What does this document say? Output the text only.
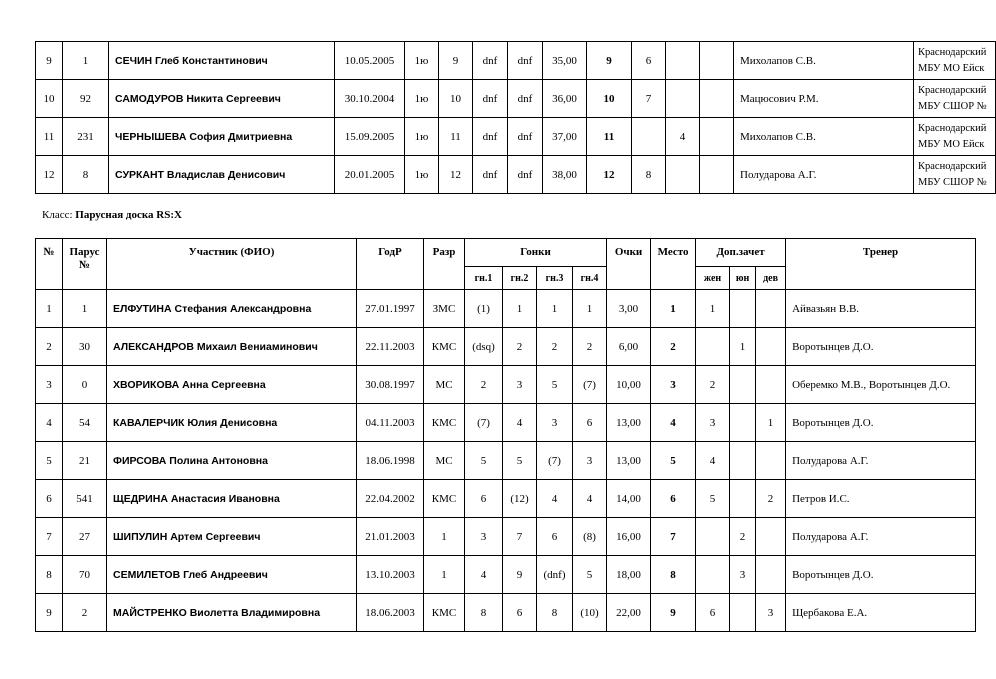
9	1	СЕЧИН Глеб Константинович	10.05.2005	1ю	9	dnf	dnf	35,00	9	6			Михолапов С.В.	Краснодарский
МБУ МО Ейск

10	92	САМОДУРОВ Никита Сергеевич	30.10.2004	1ю	10	dnf	dnf	36,00	10	7			Мацюсович Р.М.	Краснодарский
МБУ СШОР №

11	231	ЧЕРНЫШЕВА София Дмитриевна	15.09.2005	1ю	11	dnf	dnf	37,00	11		4		Михолапов С.В.	Краснодарский
МБУ МО Ейск

12	8	СУРКАНТ Владислав Денисович	20.01.2005	1ю	12	dnf	dnf	38,00	12	8			Полударова А.Г.	Краснодарский
МБУ СШОР №
Класс: Парусная доска RS:X
№	Парус №	Участник (ФИО)	ГодР	Разр	Гонки				Очки	Место	Доп.зачет			Тренер
					гн.1	гн.2	гн.3	гн.4			жен	юн	дев	
1	1	ЕЛФУТИНА Стефания Александровна	27.01.1997	ЗМС	(1)	1	1	1	3,00	1	1			Айвазьян В.В.
2	30	АЛЕКСАНДРОВ Михаил Вениаминович	22.11.2003	КМС	(dsq)	2	2	2	6,00	2		1		Воротынцев Д.О.
3	0	ХВОРИКОВА Анна Сергеевна	30.08.1997	МС	2	3	5	(7)	10,00	3	2			Оберемко М.В., Воротынцев Д.О.
4	54	КАВАЛЕРЧИК Юлия Денисовна	04.11.2003	КМС	(7)	4	3	6	13,00	4	3		1	Воротынцев Д.О.
5	21	ФИРСОВА Полина Антоновна	18.06.1998	МС	5	5	(7)	3	13,00	5	4			Полударова А.Г.
6	541	ЩЕДРИНА Анастасия Ивановна	22.04.2002	КМС	6	(12)	4	4	14,00	6	5		2	Петров И.С.
7	27	ШИПУЛИН Артем Сергеевич	21.01.2003	1	3	7	6	(8)	16,00	7		2		Полударова А.Г.
8	70	СЕМИЛЕТОВ Глеб Андреевич	13.10.2003	1	4	9	(dnf)	5	18,00	8		3		Воротынцев Д.О.
9	2	МАЙСТРЕНКО Виолетта Владимировна	18.06.2003	КМС	8	6	8	(10)	22,00	9	6		3	Щербакова Е.А.
